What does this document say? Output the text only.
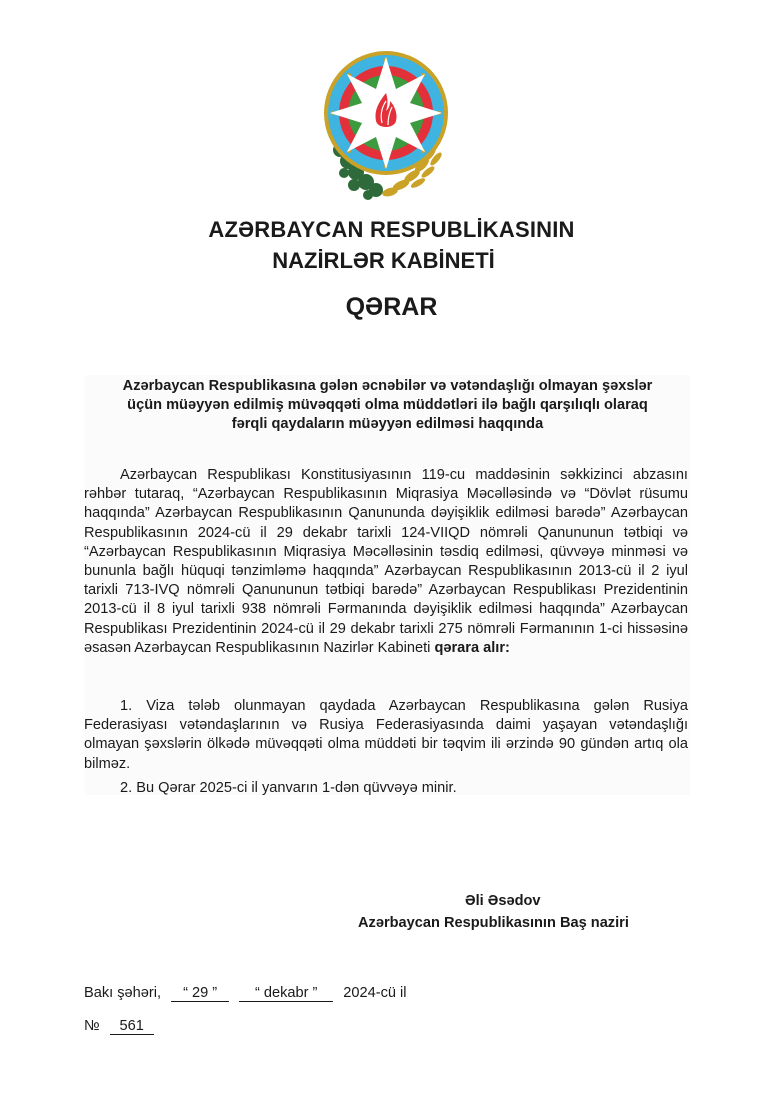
AZƏRBAYCAN RESPUBLİKASININ
NAZİRLƏR KABİNETİ
QƏRAR
Azərbaycan Respublikasına gələn əcnəbilər və vətəndaşlığı olmayan şəxslər
üçün müəyyən edilmiş müvəqqəti olma müddətləri ilə bağlı qarşılıqlı olaraq
fərqli qaydaların müəyyən edilməsi haqqında
Azərbaycan Respublikası Konstitusiyasının 119-cu maddəsinin səkkizinci abzasını rəhbər tutaraq, “Azərbaycan Respublikasının Miqrasiya Məcəlləsində və “Dövlət rüsumu haqqında” Azərbaycan Respublikasının Qanununda dəyişiklik edilməsi barədə” Azərbaycan Respublikasının 2024-cü il 29 dekabr tarixli 124-VIIQD nömrəli Qanununun tətbiqi və “Azərbaycan Respublikasının Miqrasiya Məcəlləsinin təsdiq edilməsi, qüvvəyə minməsi və bununla bağlı hüquqi tənzimləmə haqqında” Azərbaycan Respublikasının 2013-cü il 2 iyul tarixli 713-IVQ nömrəli Qanununun tətbiqi barədə” Azərbaycan Respublikası Prezidentinin 2013-cü il 8 iyul tarixli 938 nömrəli Fərmanında dəyişiklik edilməsi haqqında” Azərbaycan Respublikası Prezidentinin 2024-cü il 29 dekabr tarixli 275 nömrəli Fərmanının 1-ci hissəsinə əsasən Azərbaycan Respublikasının Nazirlər Kabineti qərara alır:
1. Viza tələb olunmayan qaydada Azərbaycan Respublikasına gələn Rusiya Federasiyası vətəndaşlarının və Rusiya Federasiyasında daimi yaşayan vətəndaşlığı olmayan şəxslərin ölkədə müvəqqəti olma müddəti bir təqvim ili ərzində 90 gündən artıq ola bilməz.
2. Bu Qərar 2025-ci il yanvarın 1-dən qüvvəyə minir.
Əli Əsədov
Azərbaycan Respublikasının Baş naziri
Bakı şəhəri, “ 29 ”	“ dekabr ” 2024-cü il
№ 561
